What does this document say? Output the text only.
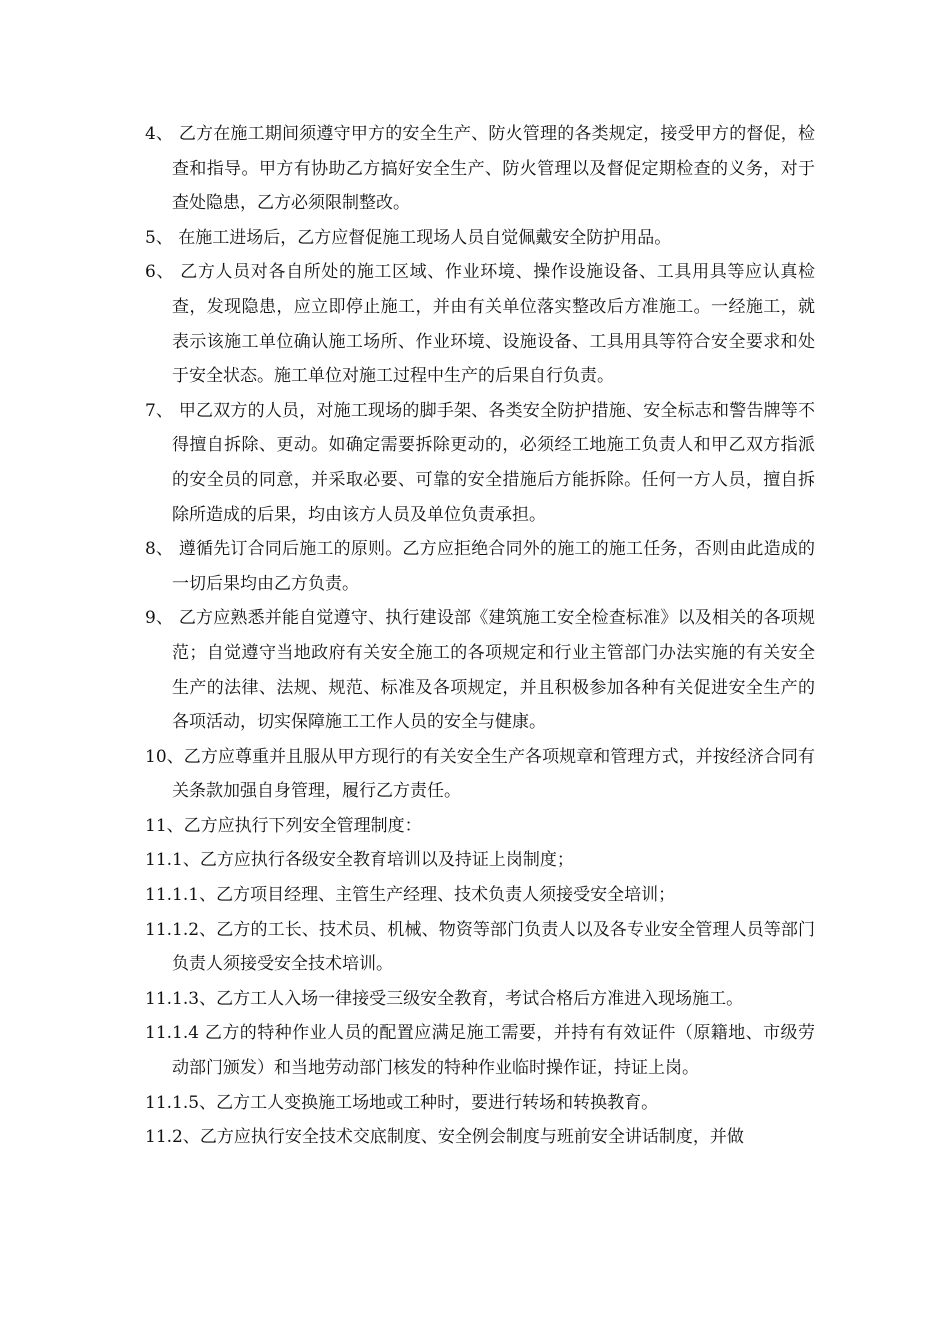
4、 乙方在施工期间须遵守甲方的安全生产、防火管理的各类规定，接受甲方的督促，检查和指导。甲方有协助乙方搞好安全生产、防火管理以及督促定期检查的义务，对于查处隐患，乙方必须限制整改。

5、 在施工进场后，乙方应督促施工现场人员自觉佩戴安全防护用品。

6、 乙方人员对各自所处的施工区域、作业环境、操作设施设备、工具用具等应认真检查，发现隐患，应立即停止施工，并由有关单位落实整改后方准施工。一经施工，就表示该施工单位确认施工场所、作业环境、设施设备、工具用具等符合安全要求和处于安全状态。施工单位对施工过程中生产的后果自行负责。

7、 甲乙双方的人员，对施工现场的脚手架、各类安全防护措施、安全标志和警告牌等不得擅自拆除、更动。如确定需要拆除更动的，必须经工地施工负责人和甲乙双方指派的安全员的同意，并采取必要、可靠的安全措施后方能拆除。任何一方人员，擅自拆除所造成的后果，均由该方人员及单位负责承担。

8、 遵循先订合同后施工的原则。乙方应拒绝合同外的施工的施工任务，否则由此造成的一切后果均由乙方负责。

9、 乙方应熟悉并能自觉遵守、执行建设部《建筑施工安全检查标准》以及相关的各项规范；自觉遵守当地政府有关安全施工的各项规定和行业主管部门办法实施的有关安全生产的法律、法规、规范、标准及各项规定，并且积极参加各种有关促进安全生产的各项活动，切实保障施工工作人员的安全与健康。

10、乙方应尊重并且服从甲方现行的有关安全生产各项规章和管理方式，并按经济合同有关条款加强自身管理，履行乙方责任。

11、乙方应执行下列安全管理制度：

11.1、乙方应执行各级安全教育培训以及持证上岗制度；

11.1.1、乙方项目经理、主管生产经理、技术负责人须接受安全培训；

11.1.2、乙方的工长、技术员、机械、物资等部门负责人以及各专业安全管理人员等部门负责人须接受安全技术培训。

11.1.3、乙方工人入场一律接受三级安全教育，考试合格后方准进入现场施工。

11.1.4 乙方的特种作业人员的配置应满足施工需要，并持有有效证件（原籍地、市级劳动部门颁发）和当地劳动部门核发的特种作业临时操作证，持证上岗。

11.1.5、乙方工人变换施工场地或工种时，要进行转场和转换教育。

11.2、乙方应执行安全技术交底制度、安全例会制度与班前安全讲话制度，并做
